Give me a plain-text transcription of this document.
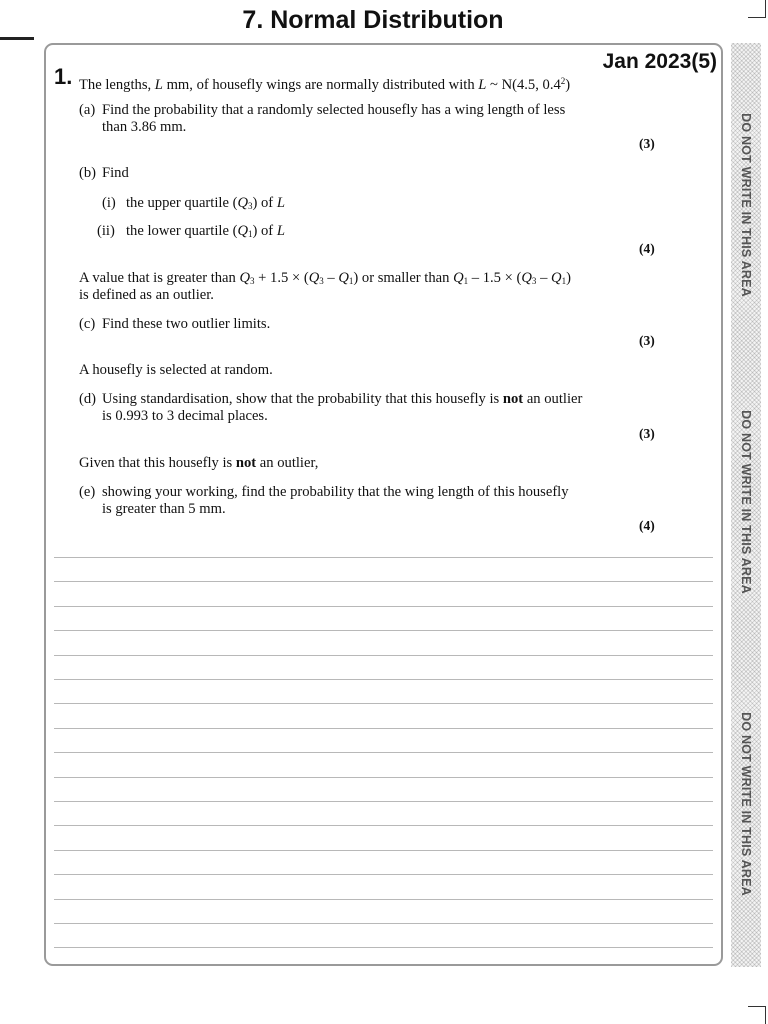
7. Normal Distribution
DO NOT WRITE IN THIS AREA
DO NOT WRITE IN THIS AREA
DO NOT WRITE IN THIS AREA
Jan 2023(5)
1. The lengths, L mm, of housefly wings are normally distributed with L ~ N(4.5, $0.4^2$)
(a) Find the probability that a randomly selected housefly has a wing length of less
than 3.86 mm.
(3)
(b) Find
(i) the upper quartile $(Q_3)$ of L
(ii) the lower quartile $(Q_1)$ of L
(4)
A value that is greater than $Q_3 + 1.5 \times (Q_3 - Q_1)$ or smaller than $Q_1 - 1.5 \times (Q_3 - Q_1)$
is defined as an outlier.
(c) Find these two outlier limits.
(3)
A housefly is selected at random.
(d) Using standardisation, show that the probability that this housefly is not an outlier
is 0.993 to 3 decimal places.
(3)
Given that this housefly is not an outlier,
(e) showing your working, find the probability that the wing length of this housefly
is greater than 5 mm.
(4)
